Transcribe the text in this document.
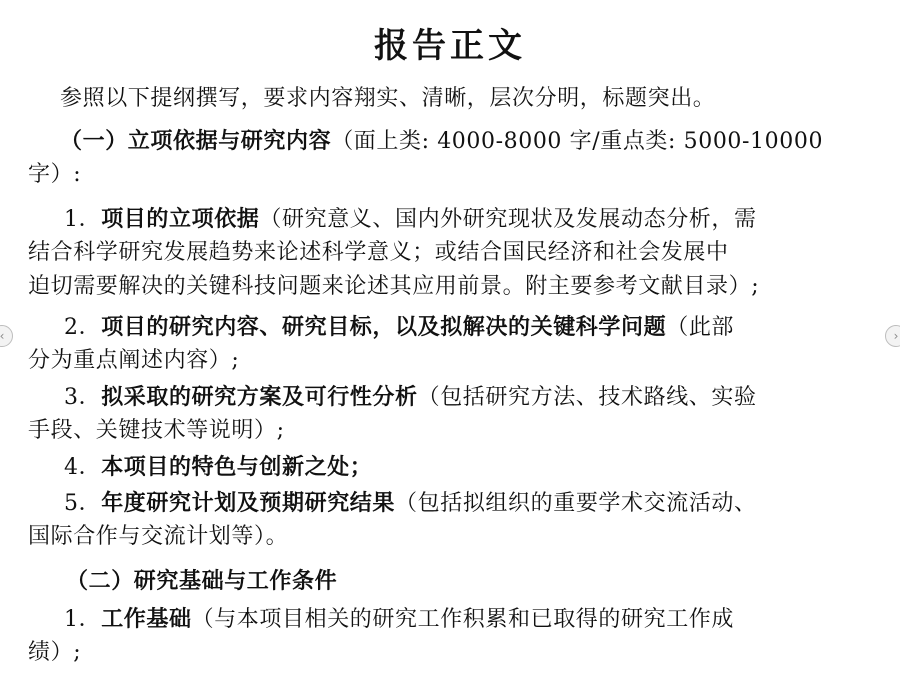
报告正文
参照以下提纲撰写，要求内容翔实、清晰，层次分明，标题突出。
（一）立项依据与研究内容（面上类: 4000-8000 字/重点类: 5000-10000
字）:
1．项目的立项依据（研究意义、国内外研究现状及发展动态分析，需
结合科学研究发展趋势来论述科学意义；或结合国民经济和社会发展中
迫切需要解决的关键科技问题来论述其应用前景。附主要参考文献目录）;
2．项目的研究内容、研究目标，以及拟解决的关键科学问题（此部
分为重点阐述内容）;
3．拟采取的研究方案及可行性分析（包括研究方法、技术路线、实验
手段、关键技术等说明）;
4．本项目的特色与创新之处；
5．年度研究计划及预期研究结果（包括拟组织的重要学术交流活动、
国际合作与交流计划等）。
（二）研究基础与工作条件
1．工作基础（与本项目相关的研究工作积累和已取得的研究工作成
绩）;
‹	›
